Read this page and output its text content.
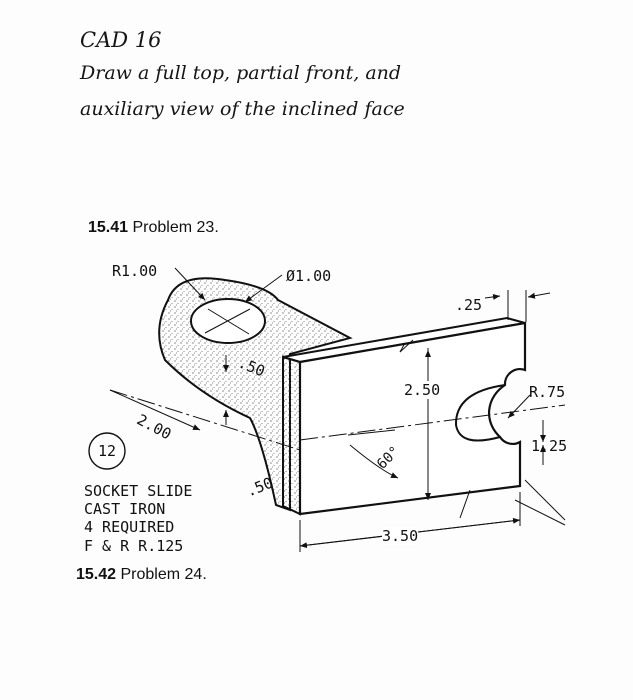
CAD 16
Draw a full top, partial front, and
auxiliary view of the inclined face
15.41 Problem 23.
15.42 Problem 24.
R1.00	Ø1.00
.25
2.50	R.75
1.25
60°
3.50
2.00
.50
.50
12
SOCKET SLIDE
CAST IRON
4 REQUIRED
F & R R.125
